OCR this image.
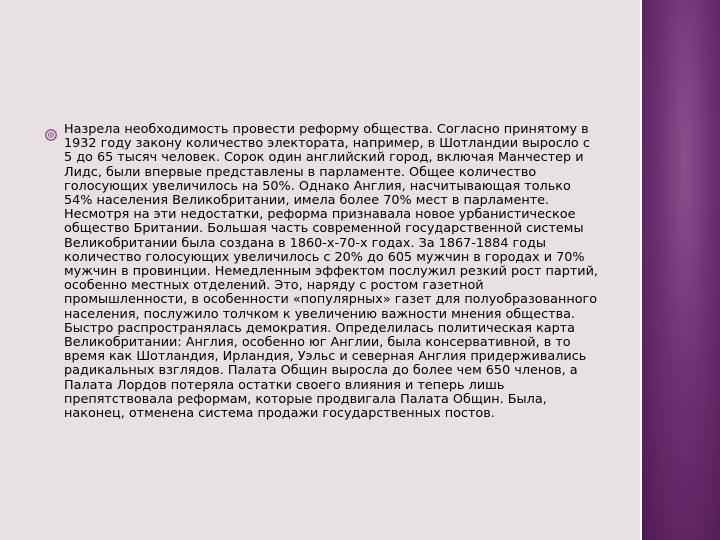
Назрела необходимость провести реформу общества. Согласно принятому в 1932 году закону количество электората, например, в Шотландии выросло с 5 до 65 тысяч человек. Сорок один английский город, включая Манчестер и Лидс, были впервые представлены в парламенте. Общее количество голосующих увеличилось на 50%. Однако Англия, насчитывающая только 54% населения Великобритании, имела более 70% мест в парламенте. Несмотря на эти недостатки, реформа признавала новое урбанистическое общество Британии. Большая часть современной государственной системы Великобритании была создана в 1860-х-70-х годах. За 1867-1884 годы количество голосующих увеличилось с 20% до 605 мужчин в городах и 70% мужчин в провинции. Немедленным эффектом послужил резкий рост партий, особенно местных отделений. Это, наряду с ростом газетной промышленности, в особенности «популярных» газет для полуобразованного населения, послужило толчком к увеличению важности мнения общества. Быстро распространялась демократия. Определилась политическая карта Великобритании: Англия, особенно юг Англии, была консервативной, в то время как Шотландия, Ирландия, Уэльс и северная Англия придерживались радикальных взглядов. Палата Общин выросла до более чем 650 членов, а Палата Лордов потеряла остатки своего влияния и теперь лишь препятствовала реформам, которые продвигала Палата Общин. Была, наконец, отменена система продажи государственных постов.
